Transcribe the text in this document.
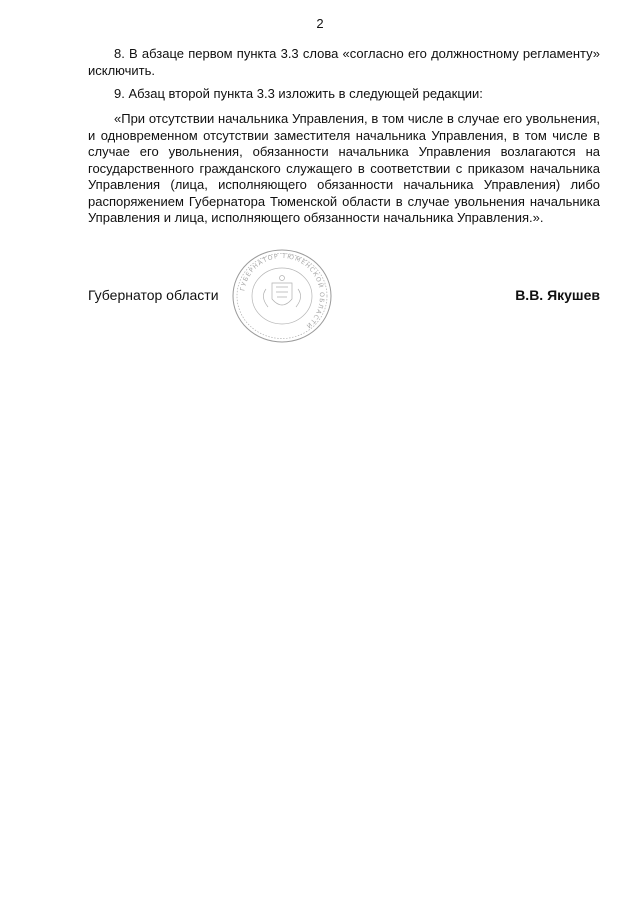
2
8. В абзаце первом пункта 3.3 слова «согласно его должностному регламенту» исключить.
9. Абзац второй пункта 3.3 изложить в следующей редакции:
«При отсутствии начальника Управления, в том числе в случае его увольнения, и одновременном отсутствии заместителя начальника Управления, в том числе в случае его увольнения, обязанности начальника Управления возлагаются на государственного гражданского служащего в соответствии с приказом начальника Управления (лица, исполняющего обязанности начальника Управления) либо распоряжением Губернатора Тюменской области в случае увольнения начальника Управления и лица, исполняющего обязанности начальника Управления.».
ГУБЕРНАТОР ТЮМЕНСКОЙ ОБЛАСТИ
Губернатор области	В.В. Якушев
